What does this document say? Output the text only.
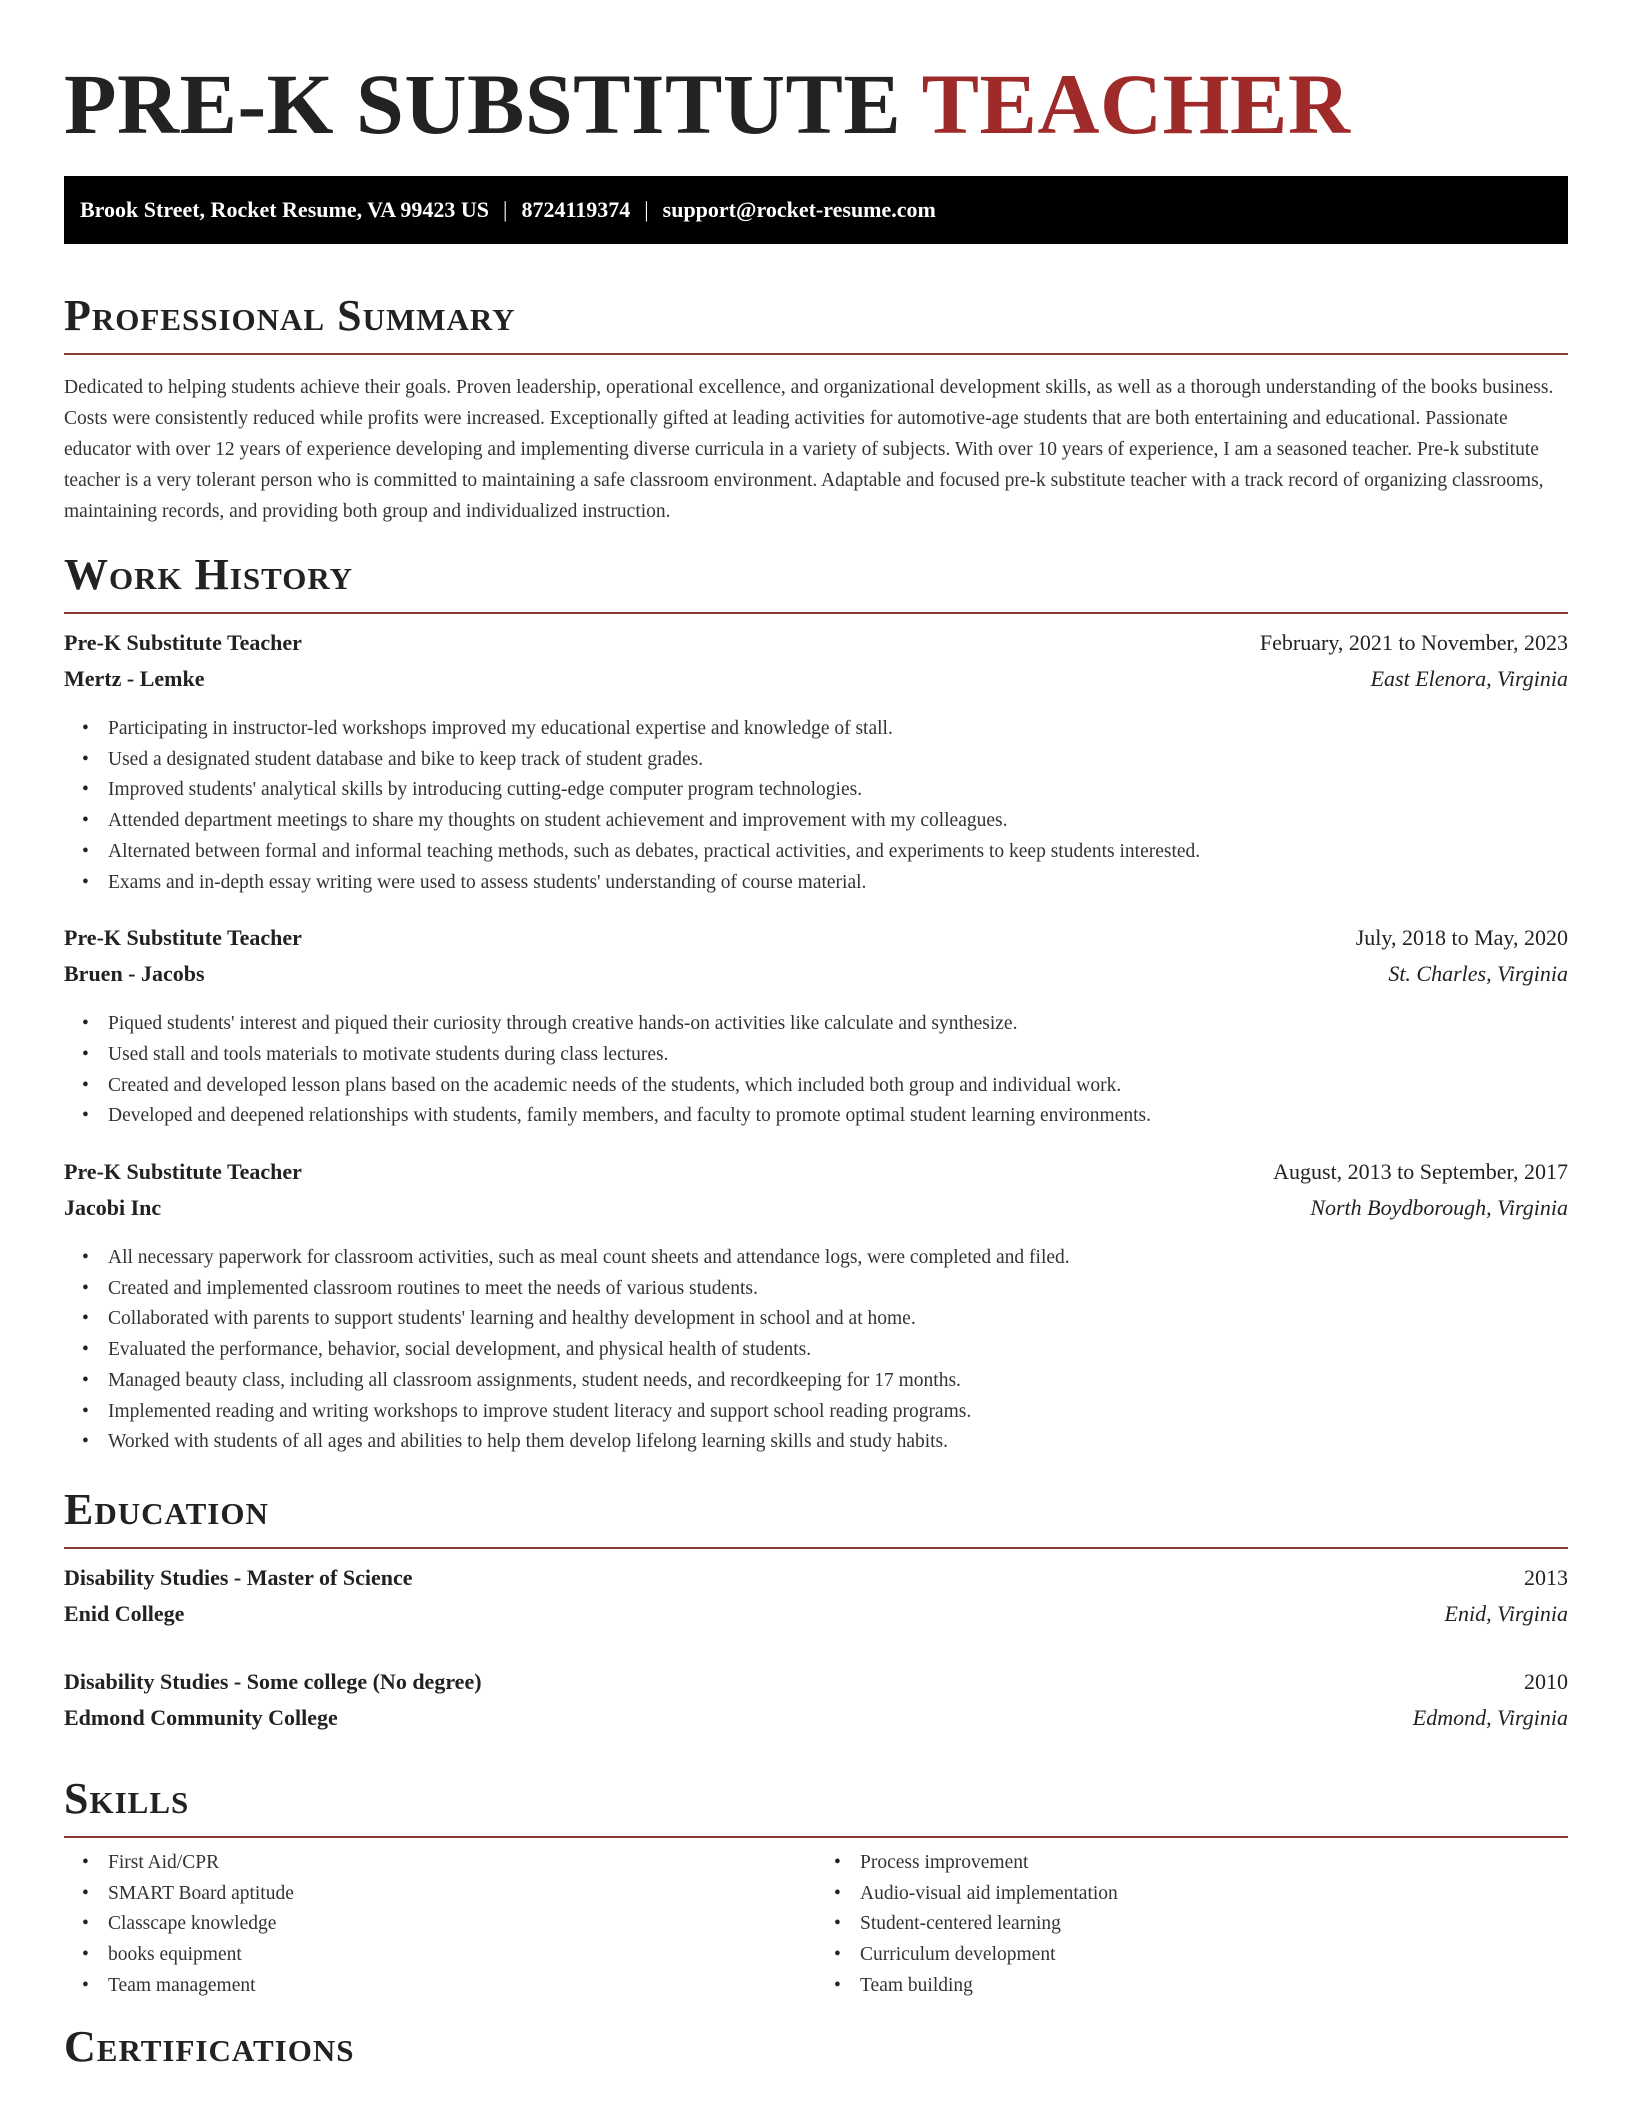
PRE-K SUBSTITUTE TEACHER
Brook Street, Rocket Resume, VA 99423 US | 8724119374 | support@rocket-resume.com
Professional Summary

Dedicated to helping students achieve their goals. Proven leadership, operational excellence, and organizational development skills, as well as a thorough understanding of the books business. Costs were consistently reduced while profits were increased. Exceptionally gifted at leading activities for automotive-age students that are both entertaining and educational. Passionate educator with over 12 years of experience developing and implementing diverse curricula in a variety of subjects. With over 10 years of experience, I am a seasoned teacher. Pre-k substitute teacher is a very tolerant person who is committed to maintaining a safe classroom environment. Adaptable and focused pre-k substitute teacher with a track record of organizing classrooms, maintaining records, and providing both group and individualized instruction.

Work History
Pre-K Substitute Teacher	February, 2021 to November, 2023
Mertz - Lemke	East Elenora, Virginia
• Participating in instructor-led workshops improved my educational expertise and knowledge of stall.
• Used a designated student database and bike to keep track of student grades.
• Improved students' analytical skills by introducing cutting-edge computer program technologies.
• Attended department meetings to share my thoughts on student achievement and improvement with my colleagues.
• Alternated between formal and informal teaching methods, such as debates, practical activities, and experiments to keep students interested.
• Exams and in-depth essay writing were used to assess students' understanding of course material.
Pre-K Substitute Teacher	July, 2018 to May, 2020
Bruen - Jacobs	St. Charles, Virginia
• Piqued students' interest and piqued their curiosity through creative hands-on activities like calculate and synthesize.
• Used stall and tools materials to motivate students during class lectures.
• Created and developed lesson plans based on the academic needs of the students, which included both group and individual work.
• Developed and deepened relationships with students, family members, and faculty to promote optimal student learning environments.
Pre-K Substitute Teacher	August, 2013 to September, 2017
Jacobi Inc	North Boydborough, Virginia
• All necessary paperwork for classroom activities, such as meal count sheets and attendance logs, were completed and filed.
• Created and implemented classroom routines to meet the needs of various students.
• Collaborated with parents to support students' learning and healthy development in school and at home.
• Evaluated the performance, behavior, social development, and physical health of students.
• Managed beauty class, including all classroom assignments, student needs, and recordkeeping for 17 months.
• Implemented reading and writing workshops to improve student literacy and support school reading programs.
• Worked with students of all ages and abilities to help them develop lifelong learning skills and study habits.
Education
Disability Studies - Master of Science	2013
Enid College	Enid, Virginia
Disability Studies - Some college (No degree)	2010
Edmond Community College	Edmond, Virginia
Skills
• First Aid/CPR
• SMART Board aptitude
• Classcape knowledge
• books equipment
• Team management
• Process improvement
• Audio-visual aid implementation
• Student-centered learning
• Curriculum development
• Team building
Certifications
